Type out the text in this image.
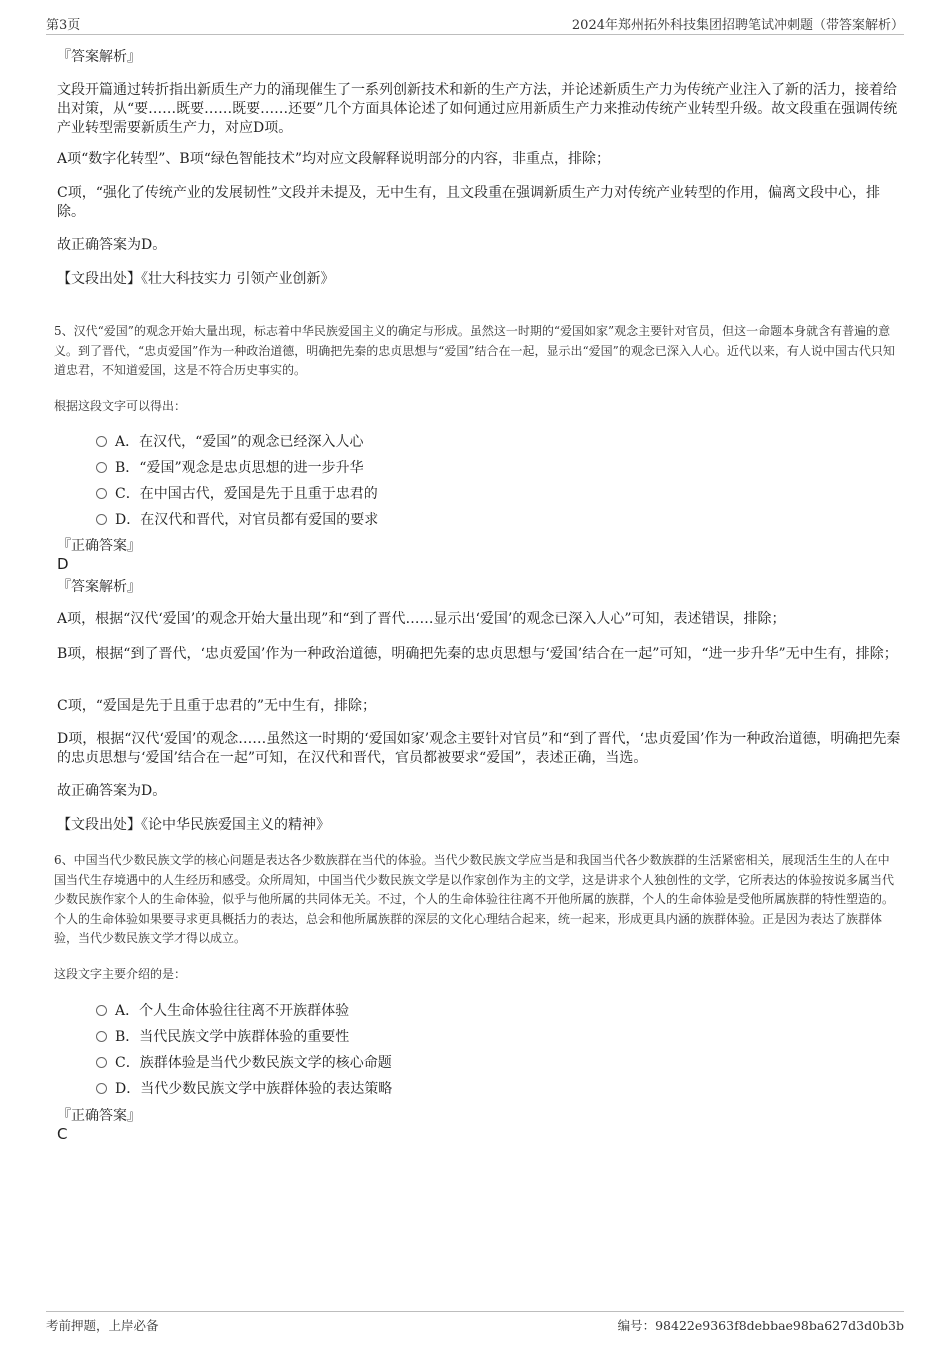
第3页	2024年郑州拓外科技集团招聘笔试冲刺题（带答案解析）
『答案解析』
文段开篇通过转折指出新质生产力的涌现催生了一系列创新技术和新的生产方法，并论述新质生产力为传统产业注入了新的活力，接着给出对策，从“要……既要……既要……还要”几个方面具体论述了如何通过应用新质生产力来推动传统产业转型升级。故文段重在强调传统产业转型需要新质生产力，对应D项。
A项“数字化转型”、B项“绿色智能技术”均对应文段解释说明部分的内容，非重点，排除；
C项，“强化了传统产业的发展韧性”文段并未提及，无中生有，且文段重在强调新质生产力对传统产业转型的作用，偏离文段中心，排除。
故正确答案为D。
【文段出处】《壮大科技实力 引领产业创新》
5、汉代“爱国”的观念开始大量出现，标志着中华民族爱国主义的确定与形成。虽然这一时期的“爱国如家”观念主要针对官员，但这一命题本身就含有普遍的意义。到了晋代，“忠贞爱国”作为一种政治道德，明确把先秦的忠贞思想与“爱国”结合在一起，显示出“爱国”的观念已深入人心。近代以来，有人说中国古代只知道忠君，不知道爱国，这是不符合历史事实的。
根据这段文字可以得出：
A．在汉代，“爱国”的观念已经深入人心
B．“爱国”观念是忠贞思想的进一步升华
C．在中国古代，爱国是先于且重于忠君的
D．在汉代和晋代，对官员都有爱国的要求
『正确答案』
D
『答案解析』
A项，根据“汉代‘爱国’的观念开始大量出现”和“到了晋代……显示出‘爱国’的观念已深入人心”可知，表述错误，排除；
B项，根据“到了晋代，‘忠贞爱国’作为一种政治道德，明确把先秦的忠贞思想与‘爱国’结合在一起”可知，“进一步升华”无中生有，排除；
C项，“爱国是先于且重于忠君的”无中生有，排除；
D项，根据“汉代‘爱国’的观念……虽然这一时期的‘爱国如家’观念主要针对官员”和“到了晋代，‘忠贞爱国’作为一种政治道德，明确把先秦的忠贞思想与‘爱国’结合在一起”可知，在汉代和晋代，官员都被要求“爱国”，表述正确，当选。
故正确答案为D。
【文段出处】《论中华民族爱国主义的精神》
6、中国当代少数民族文学的核心问题是表达各少数族群在当代的体验。当代少数民族文学应当是和我国当代各少数族群的生活紧密相关，展现活生生的人在中国当代生存境遇中的人生经历和感受。众所周知，中国当代少数民族文学是以作家创作为主的文学，这是讲求个人独创性的文学，它所表达的体验按说多属当代少数民族作家个人的生命体验，似乎与他所属的共同体无关。不过，个人的生命体验往往离不开他所属的族群，个人的生命体验是受他所属族群的特性塑造的。个人的生命体验如果要寻求更具概括力的表达，总会和他所属族群的深层的文化心理结合起来，统一起来，形成更具内涵的族群体验。正是因为表达了族群体验，当代少数民族文学才得以成立。
这段文字主要介绍的是：
A．个人生命体验往往离不开族群体验
B．当代民族文学中族群体验的重要性
C．族群体验是当代少数民族文学的核心命题
D．当代少数民族文学中族群体验的表达策略
『正确答案』
C
考前押题，上岸必备	编号：98422e9363f8debbae98ba627d3d0b3b
